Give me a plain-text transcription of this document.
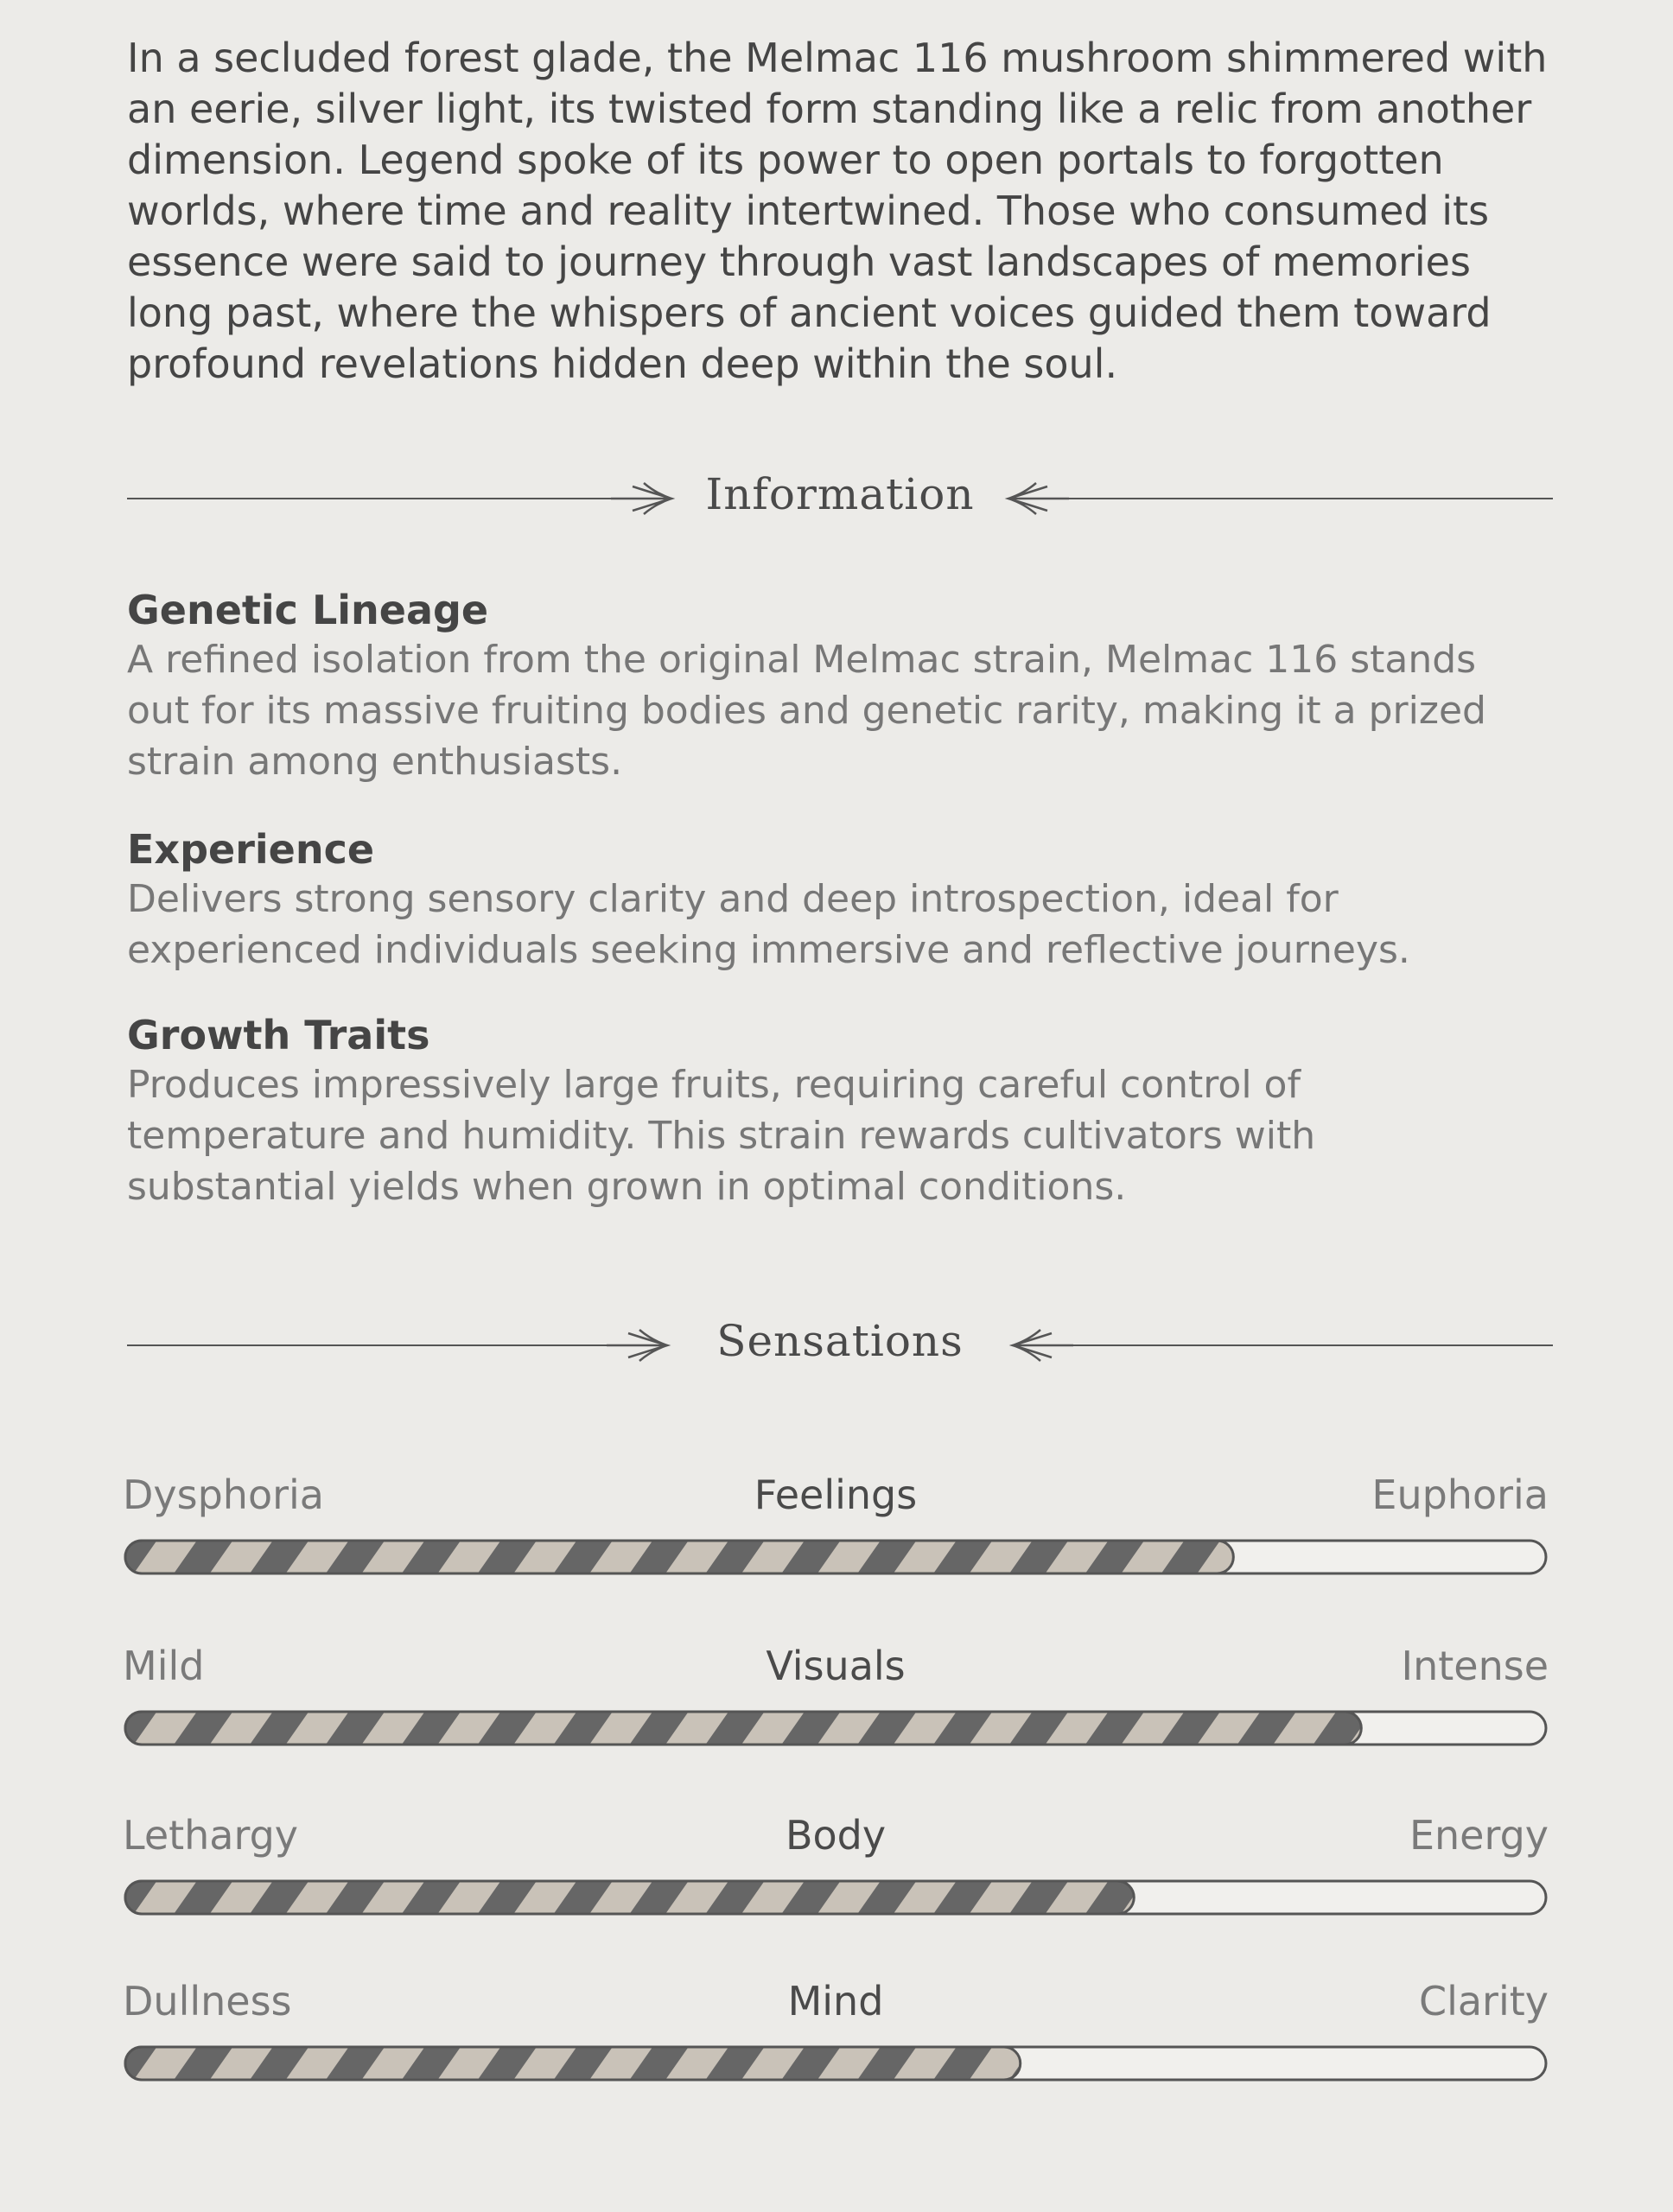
In a secluded forest glade, the Melmac 116 mushroom shimmered with an eerie, silver light, its twisted form standing like a relic from another dimension. Legend spoke of its power to open portals to forgotten worlds, where time and reality intertwined. Those who consumed its essence were said to journey through vast landscapes of memories long past, where the whispers of ancient voices guided them toward profound revelations hidden deep within the soul.

Information
Genetic Lineage

A refined isolation from the original Melmac strain, Melmac 116 stands out for its massive fruiting bodies and genetic rarity, making it a prized strain among enthusiasts.

Experience

Delivers strong sensory clarity and deep introspection, ideal for experienced individuals seeking immersive and reflective journeys.

Growth Traits

Produces impressively large fruits, requiring careful control of temperature and humidity. This strain rewards cultivators with substantial yields when grown in optimal conditions.

Sensations
Dysphoria	Feelings	Euphoria
Mild	Visuals	Intense
Lethargy	Body	Energy
Dullness	Mind	Clarity
